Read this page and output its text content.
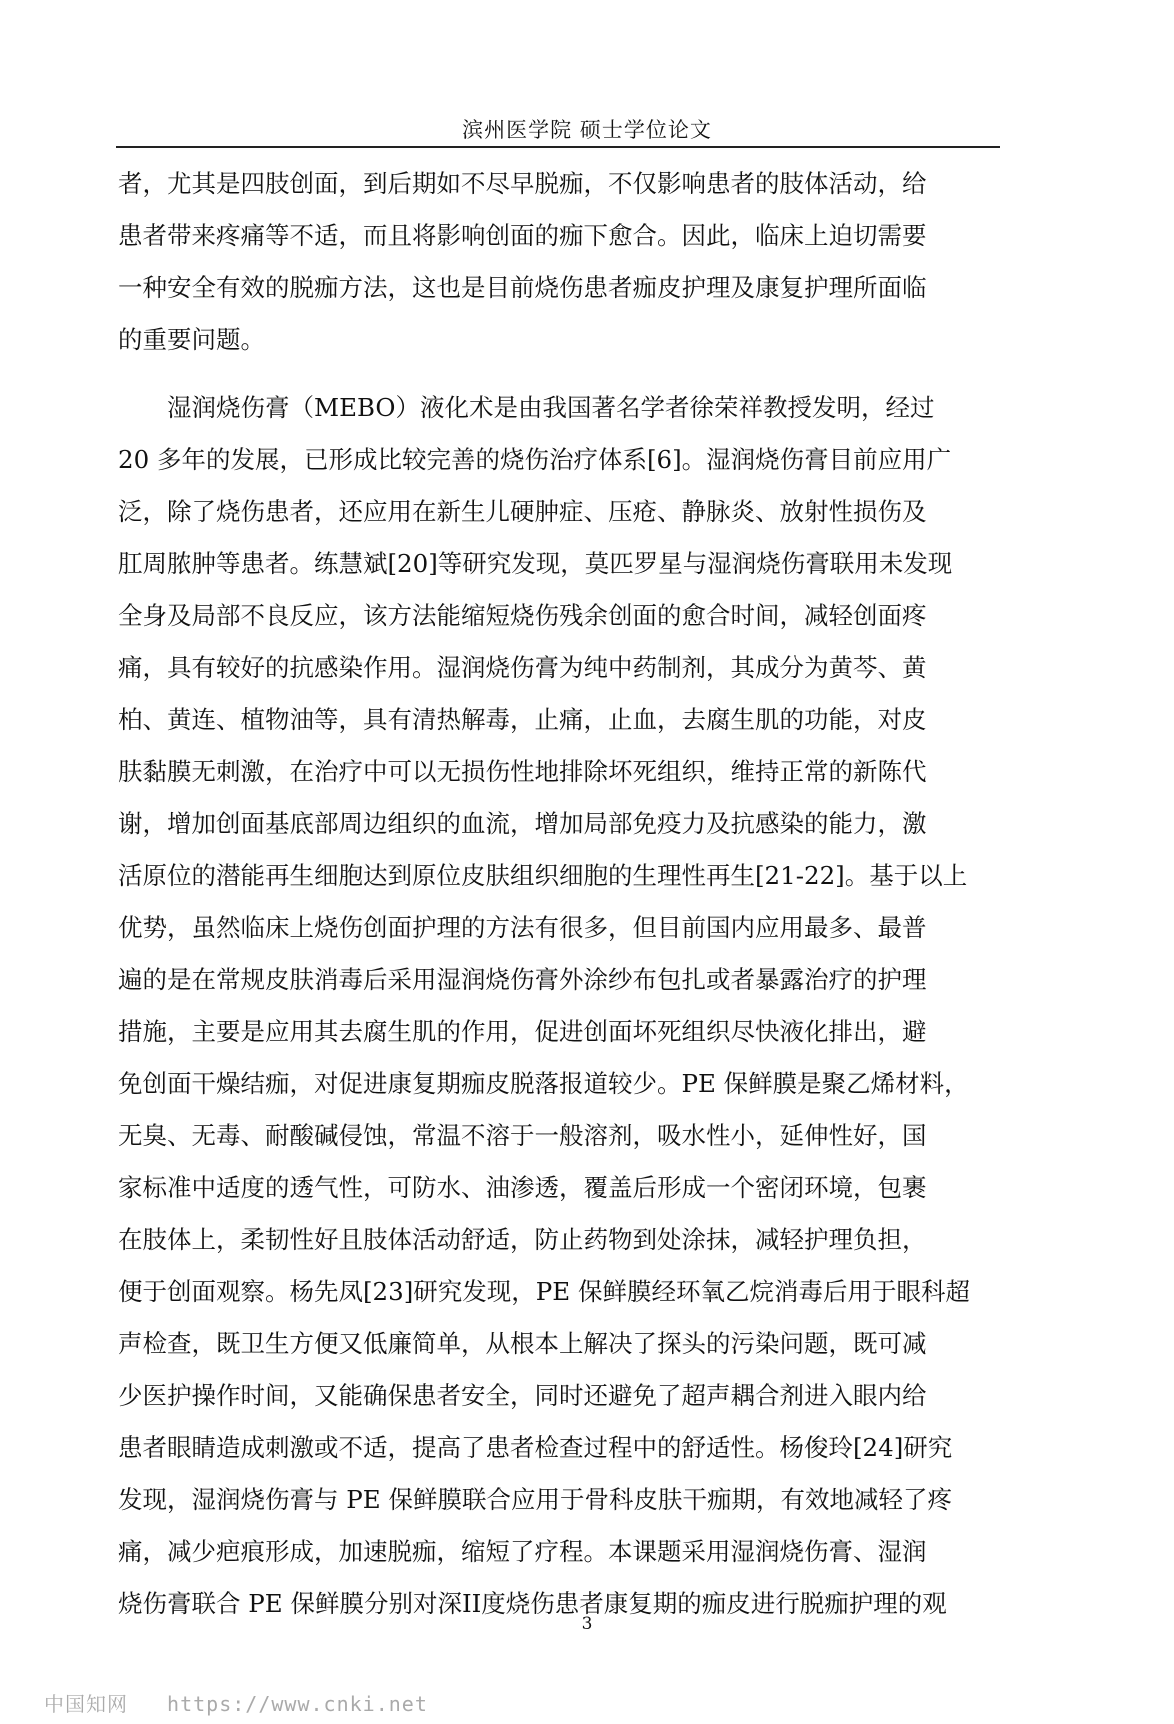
滨州医学院 硕士学位论文
者，尤其是四肢创面，到后期如不尽早脱痂，不仅影响患者的肢体活动，给
患者带来疼痛等不适，而且将影响创面的痂下愈合。因此，临床上迫切需要
一种安全有效的脱痂方法，这也是目前烧伤患者痂皮护理及康复护理所面临
的重要问题。
　　湿润烧伤膏（MEBO）液化术是由我国著名学者徐荣祥教授发明，经过
20 多年的发展，已形成比较完善的烧伤治疗体系[6]。湿润烧伤膏目前应用广
泛，除了烧伤患者，还应用在新生儿硬肿症、压疮、静脉炎、放射性损伤及
肛周脓肿等患者。练慧斌[20]等研究发现，莫匹罗星与湿润烧伤膏联用未发现
全身及局部不良反应，该方法能缩短烧伤残余创面的愈合时间，减轻创面疼
痛，具有较好的抗感染作用。湿润烧伤膏为纯中药制剂，其成分为黄芩、黄
柏、黄连、植物油等，具有清热解毒，止痛，止血，去腐生肌的功能，对皮
肤黏膜无刺激，在治疗中可以无损伤性地排除坏死组织，维持正常的新陈代
谢，增加创面基底部周边组织的血流，增加局部免疫力及抗感染的能力，激
活原位的潜能再生细胞达到原位皮肤组织细胞的生理性再生[21-22]。基于以上
优势，虽然临床上烧伤创面护理的方法有很多，但目前国内应用最多、最普
遍的是在常规皮肤消毒后采用湿润烧伤膏外涂纱布包扎或者暴露治疗的护理
措施，主要是应用其去腐生肌的作用，促进创面坏死组织尽快液化排出，避
免创面干燥结痂，对促进康复期痂皮脱落报道较少。PE 保鲜膜是聚乙烯材料，
无臭、无毒、耐酸碱侵蚀，常温不溶于一般溶剂，吸水性小，延伸性好，国
家标准中适度的透气性，可防水、油渗透，覆盖后形成一个密闭环境，包裹
在肢体上，柔韧性好且肢体活动舒适，防止药物到处涂抹，减轻护理负担，
便于创面观察。杨先凤[23]研究发现，PE 保鲜膜经环氧乙烷消毒后用于眼科超
声检查，既卫生方便又低廉简单，从根本上解决了探头的污染问题，既可减
少医护操作时间，又能确保患者安全，同时还避免了超声耦合剂进入眼内给
患者眼睛造成刺激或不适，提高了患者检查过程中的舒适性。杨俊玲[24]研究
发现，湿润烧伤膏与 PE 保鲜膜联合应用于骨科皮肤干痂期，有效地减轻了疼
痛，减少疤痕形成，加速脱痂，缩短了疗程。本课题采用湿润烧伤膏、湿润
烧伤膏联合 PE 保鲜膜分别对深II度烧伤患者康复期的痂皮进行脱痂护理的观
3
中国知网 https://www.cnki.net
